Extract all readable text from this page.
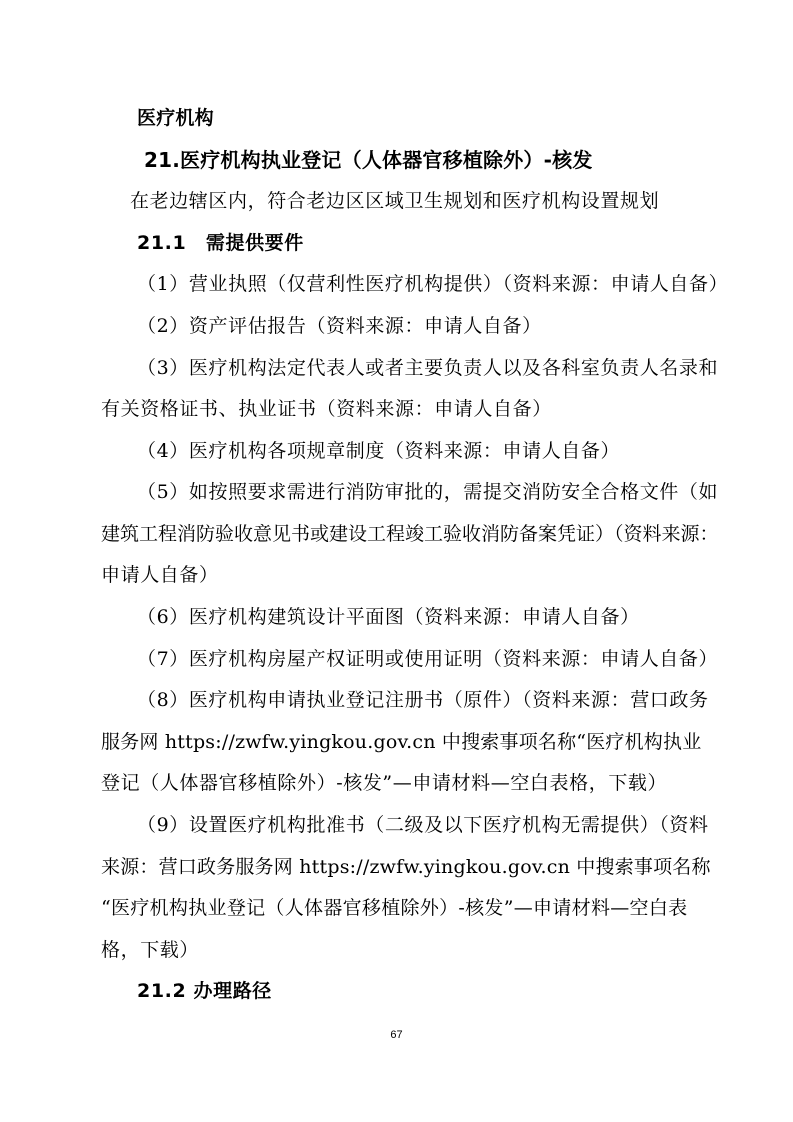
医疗机构
21.医疗机构执业登记（人体器官移植除外）-核发
在老边辖区内，符合老边区区域卫生规划和医疗机构设置规划
21.1　需提供要件
（1）营业执照（仅营利性医疗机构提供）（资料来源：申请人自备）
（2）资产评估报告（资料来源：申请人自备）
（3）医疗机构法定代表人或者主要负责人以及各科室负责人名录和
有关资格证书、执业证书（资料来源：申请人自备）
（4）医疗机构各项规章制度（资料来源：申请人自备）
（5）如按照要求需进行消防审批的，需提交消防安全合格文件（如
建筑工程消防验收意见书或建设工程竣工验收消防备案凭证）（资料来源：
申请人自备）
（6）医疗机构建筑设计平面图（资料来源：申请人自备）
（7）医疗机构房屋产权证明或使用证明（资料来源：申请人自备）
（8）医疗机构申请执业登记注册书（原件）（资料来源：营口政务
服务网 https://zwfw.yingkou.gov.cn 中搜索事项名称“医疗机构执业
登记（人体器官移植除外）-核发”—申请材料—空白表格，下载）
（9）设置医疗机构批准书（二级及以下医疗机构无需提供）（资料
来源：营口政务服务网 https://zwfw.yingkou.gov.cn 中搜索事项名称
“医疗机构执业登记（人体器官移植除外）-核发”—申请材料—空白表
格，下载）
21.2 办理路径
67
